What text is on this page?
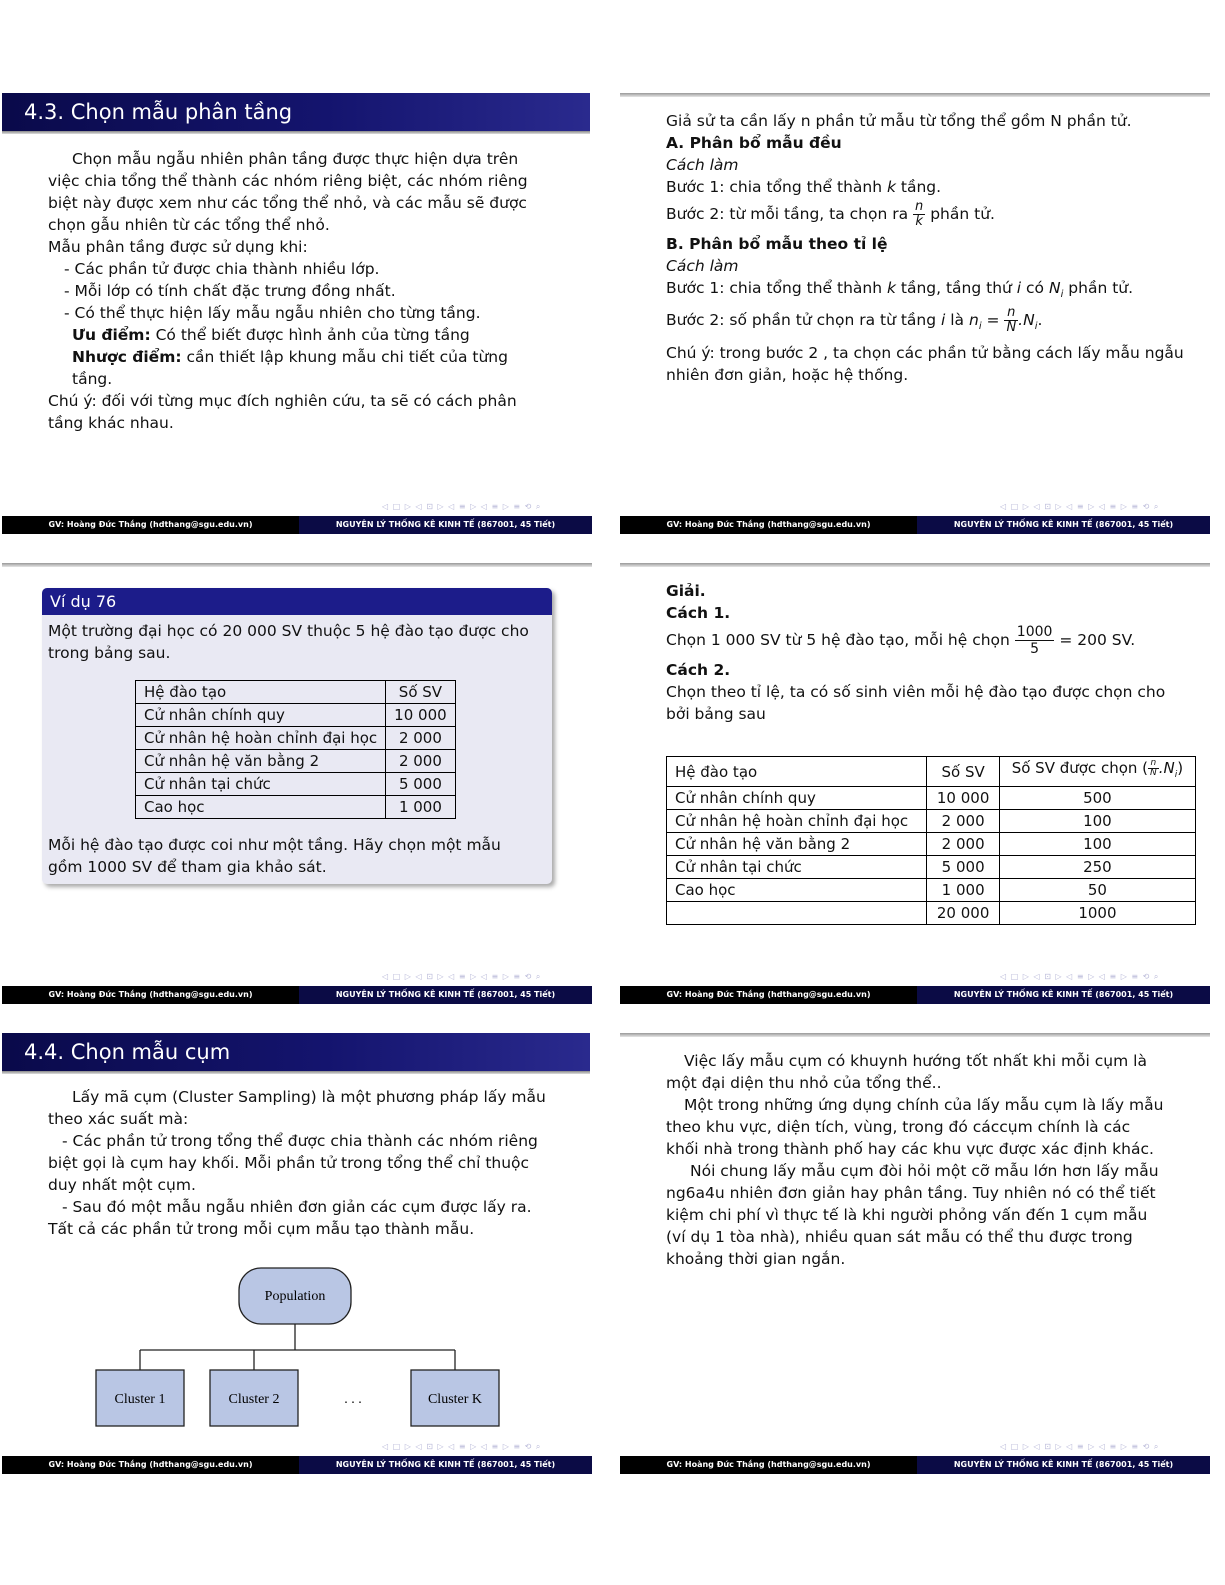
4.3. Chọn mẫu phân tầng

Chọn mẫu ngẫu nhiên phân tầng được thực hiện dựa trên việc chia tổng thể thành các nhóm riêng biệt, các nhóm riêng biệt này được xem như các tổng thể nhỏ, và các mẫu sẽ được chọn gẫu nhiên từ các tổng thể nhỏ.

Mẫu phân tầng được sử dụng khi:

- Các phần tử được chia thành nhiều lớp.

- Mỗi lớp có tính chất đặc trưng đồng nhất.

- Có thể thực hiện lấy mẫu ngẫu nhiên cho từng tầng.

Ưu điểm: Có thể biết được hình ảnh của từng tầng

Nhược điểm: cần thiết lập khung mẫu chi tiết của từng tầng.

Chú ý: đối với từng mục đích nghiên cứu, ta sẽ có cách phân tầng khác nhau.

◁ □ ▷ ◁ ⊡ ▷ ◁ ≡ ▷ ◁ ≡ ▷ ≡ ⟲ ⌕
GV: Hoàng Đức Thắng (hdthang@sgu.edu.vn)	NGUYÊN LÝ THỐNG KÊ KINH TẾ (867001, 45 Tiết)

Giả sử ta cần lấy n phần tử mẫu từ tổng thể gồm N phần tử.

A. Phân bổ mẫu đều

Cách làm

Bước 1: chia tổng thể thành k tầng.

Bước 2: từ mỗi tầng, ta chọn ra $\frac{n}{k}$ phần tử.

B. Phân bổ mẫu theo tỉ lệ

Cách làm

Bước 1: chia tổng thể thành k tầng, tầng thứ i có $N_i$ phần tử.

Bước 2: số phần tử chọn ra từ tầng i là $n_i = \frac{n}{N} .N_i$.

Chú ý: trong bước 2 , ta chọn các phần tử bằng cách lấy mẫu ngẫu nhiên đơn giản, hoặc hệ thống.

◁ □ ▷ ◁ ⊡ ▷ ◁ ≡ ▷ ◁ ≡ ▷ ≡ ⟲ ⌕
GV: Hoàng Đức Thắng (hdthang@sgu.edu.vn)	NGUYÊN LÝ THỐNG KÊ KINH TẾ (867001, 45 Tiết)
Ví dụ 76

Một trường đại học có 20 000 SV thuộc 5 hệ đào tạo được cho trong bảng sau.

Hệ đào tạo	Số SV
Cử nhân chính quy	10 000
Cử nhân hệ hoàn chỉnh đại học	2 000
Cử nhân hệ văn bằng 2	2 000
Cử nhân tại chức	5 000
Cao học	1 000

Mỗi hệ đào tạo được coi như một tầng. Hãy chọn một mẫu gồm 1000 SV để tham gia khảo sát.

◁ □ ▷ ◁ ⊡ ▷ ◁ ≡ ▷ ◁ ≡ ▷ ≡ ⟲ ⌕
GV: Hoàng Đức Thắng (hdthang@sgu.edu.vn)	NGUYÊN LÝ THỐNG KÊ KINH TẾ (867001, 45 Tiết)

Giải.

Cách 1.

Chọn 1 000 SV từ 5 hệ đào tạo, mỗi hệ chọn $\frac{1000}{5} = 200$ SV.

Cách 2.

Chọn theo tỉ lệ, ta có số sinh viên mỗi hệ đào tạo được chọn cho bởi bảng sau

Hệ đào tạo	Số SV	Số SV được chọn ( $\frac{n}{N} .N_i$)
Cử nhân chính quy	10 000	500
Cử nhân hệ hoàn chỉnh đại học	2 000	100
Cử nhân hệ văn bằng 2	2 000	100
Cử nhân tại chức	5 000	250
Cao học	1 000	50
	20 000	1000
◁ □ ▷ ◁ ⊡ ▷ ◁ ≡ ▷ ◁ ≡ ▷ ≡ ⟲ ⌕
GV: Hoàng Đức Thắng (hdthang@sgu.edu.vn)	NGUYÊN LÝ THỐNG KÊ KINH TẾ (867001, 45 Tiết)
4.4. Chọn mẫu cụm

Lấy mã cụm (Cluster Sampling) là một phương pháp lấy mẫu theo xác suất mà:

- Các phần tử trong tổng thể được chia thành các nhóm riêng biệt gọi là cụm hay khối. Mỗi phần tử trong tổng thể chỉ thuộc duy nhất một cụm.

- Sau đó một mẫu ngẫu nhiên đơn giản các cụm được lấy ra. Tất cả các phần tử trong mỗi cụm mẫu tạo thành mẫu.

Population
Cluster 1	Cluster 2	. . .	Cluster K
◁ □ ▷ ◁ ⊡ ▷ ◁ ≡ ▷ ◁ ≡ ▷ ≡ ⟲ ⌕
GV: Hoàng Đức Thắng (hdthang@sgu.edu.vn)	NGUYÊN LÝ THỐNG KÊ KINH TẾ (867001, 45 Tiết)

Việc lấy mẫu cụm có khuynh hướng tốt nhất khi mỗi cụm là một đại diện thu nhỏ của tổng thể..

Một trong những ứng dụng chính của lấy mẫu cụm là lấy mẫu theo khu vực, diện tích, vùng, trong đó cáccụm chính là các khối nhà trong thành phố hay các khu vực được xác định khác.

Nói chung lấy mẫu cụm đòi hỏi một cỡ mẫu lớn hơn lấy mẫu ng6a4u nhiên đơn giản hay phân tầng. Tuy nhiên nó có thể tiết kiệm chi phí vì thực tế là khi người phỏng vấn đến 1 cụm mẫu (ví dụ 1 tòa nhà), nhiều quan sát mẫu có thể thu được trong khoảng thời gian ngắn.

◁ □ ▷ ◁ ⊡ ▷ ◁ ≡ ▷ ◁ ≡ ▷ ≡ ⟲ ⌕
GV: Hoàng Đức Thắng (hdthang@sgu.edu.vn)	NGUYÊN LÝ THỐNG KÊ KINH TẾ (867001, 45 Tiết)
